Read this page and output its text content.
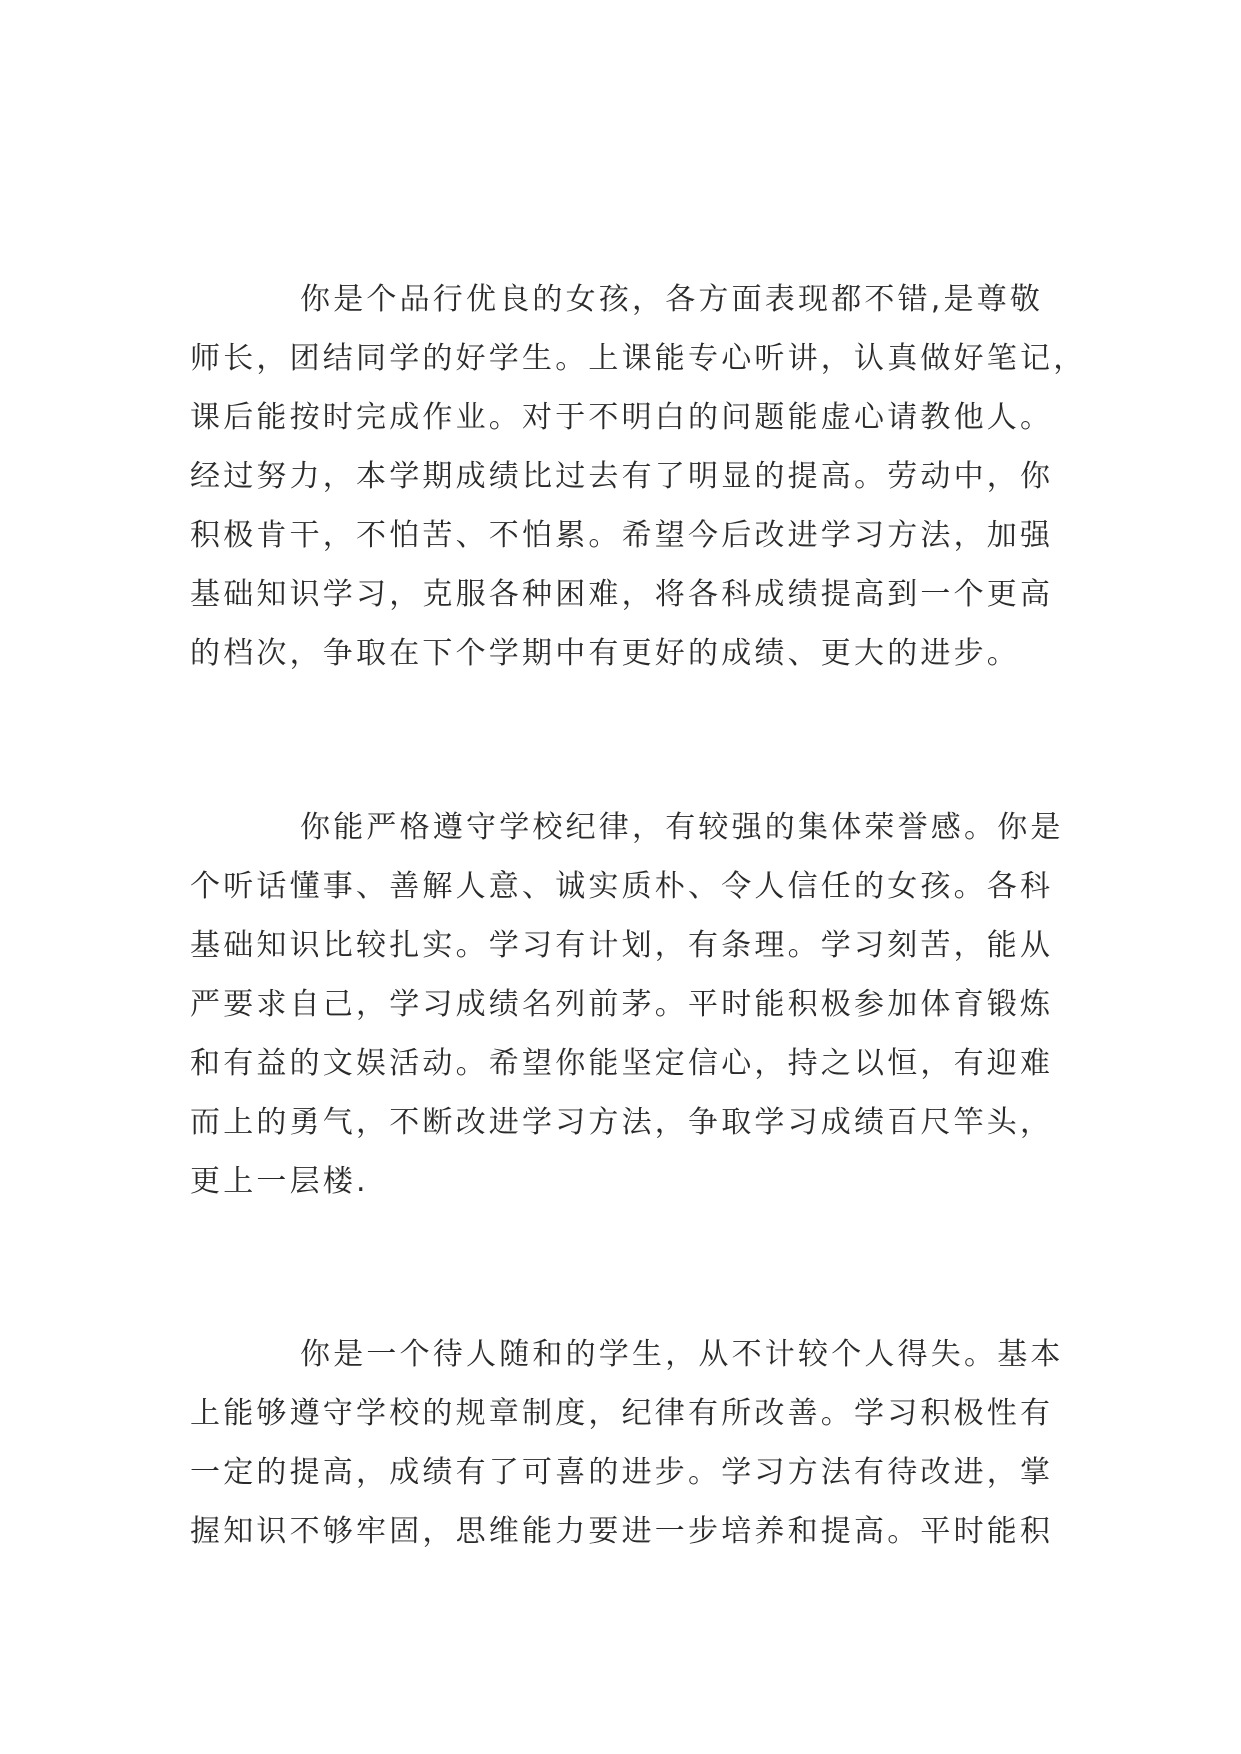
你是个品行优良的女孩，各方面表现都不错,是尊敬
师长，团结同学的好学生。上课能专心听讲，认真做好笔记，
课后能按时完成作业。对于不明白的问题能虚心请教他人。
经过努力，本学期成绩比过去有了明显的提高。劳动中，你
积极肯干，不怕苦、不怕累。希望今后改进学习方法，加强
基础知识学习，克服各种困难，将各科成绩提高到一个更高
的档次，争取在下个学期中有更好的成绩、更大的进步。
你能严格遵守学校纪律，有较强的集体荣誉感。你是
个听话懂事、善解人意、诚实质朴、令人信任的女孩。各科
基础知识比较扎实。学习有计划，有条理。学习刻苦，能从
严要求自己，学习成绩名列前茅。平时能积极参加体育锻炼
和有益的文娱活动。希望你能坚定信心，持之以恒，有迎难
而上的勇气，不断改进学习方法，争取学习成绩百尺竿头，
更上一层楼.
你是一个待人随和的学生，从不计较个人得失。基本
上能够遵守学校的规章制度，纪律有所改善。学习积极性有
一定的提高，成绩有了可喜的进步。学习方法有待改进，掌
握知识不够牢固，思维能力要进一步培养和提高。平时能积
